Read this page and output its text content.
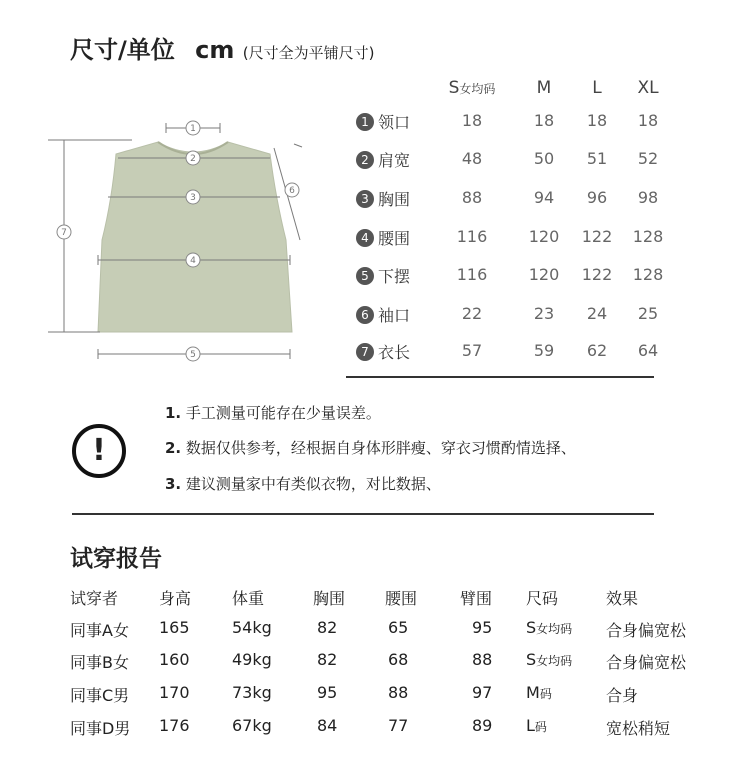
尺寸/单位 cm (尺寸全为平铺尺寸)
1
2
3
4
5
6
7
S女均码	M	L	XL
1 领口	18	18	18	18
2 肩宽	48	50	51	52
3 胸围	88	94	96	98
4 腰围	116	120	122	128
5 下摆	116	120	122	128
6 袖口	22	23	24	25
7 衣长	57	59	62	64
!
1. 手工测量可能存在少量误差。
2. 数据仅供参考，经根据自身体形胖瘦、穿衣习惯酌情选择、
3. 建议测量家中有类似衣物，对比数据、
试穿报告
试穿者	身高	体重	胸围 腰围	臂围 尺码	效果
同事A女 165	54kg	82	65	95 S女均码 合身偏宽松
同事B女 160	49kg	82	68	88 S女均码 合身偏宽松
同事C男 170	73kg	95	88	97 M码	合身
同事D男 176	67kg	84	77	89 L码	宽松稍短
